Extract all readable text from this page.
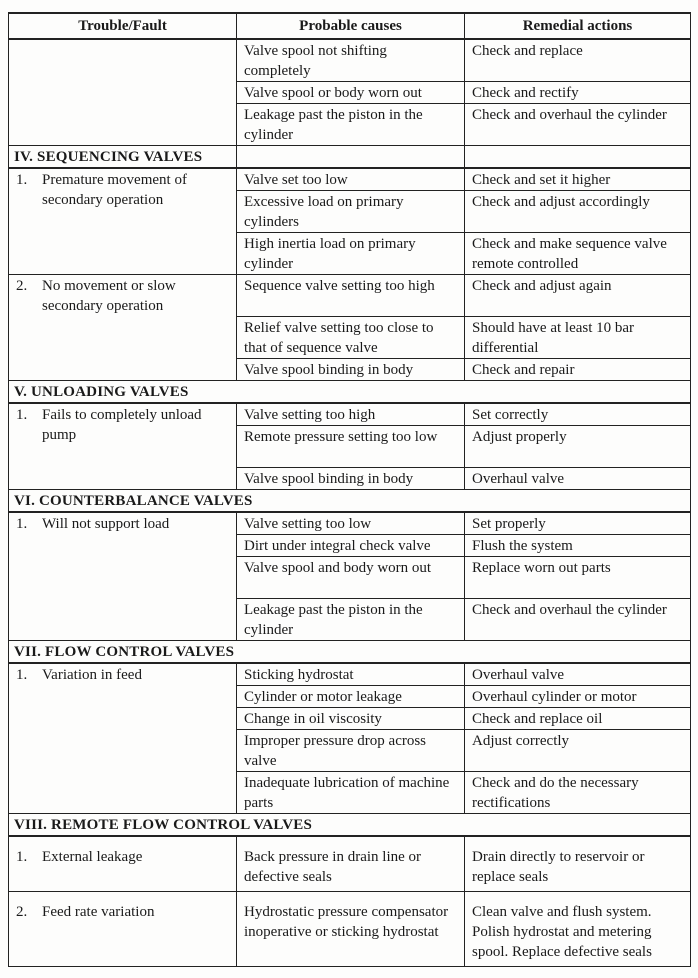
Trouble/Fault	Probable causes	Remedial actions
	Valve spool not shifting completely	Check and replace
	Valve spool or body worn out	Check and rectify
	Leakage past the piston in the cylinder	Check and overhaul the cylinder
IV. SEQUENCING VALVES		

1. Premature movement of secondary operation	Valve set too low	Check and set it higher
	Excessive load on primary cylinders	Check and adjust accordingly
	High inertia load on primary cylinder	Check and make sequence valve remote controlled

2. No movement or slow secondary operation	Sequence valve setting too high	Check and adjust again
	Relief valve setting too close to that of sequence valve	Should have at least 10 bar differential
	Valve spool binding in body	Check and repair
V. UNLOADING VALVES		

1. Fails to completely unload pump	Valve setting too high	Set correctly
	Remote pressure setting too low	Adjust properly
	Valve spool binding in body	Overhaul valve
VI. COUNTERBALANCE VALVES		

1. Will not support load	Valve setting too low	Set properly
	Dirt under integral check valve	Flush the system
	Valve spool and body worn out	Replace worn out parts
	Leakage past the piston in the cylinder	Check and overhaul the cylinder
VII. FLOW CONTROL VALVES		

1. Variation in feed	Sticking hydrostat	Overhaul valve
	Cylinder or motor leakage	Overhaul cylinder or motor
	Change in oil viscosity	Check and replace oil
	Improper pressure drop across valve	Adjust correctly
	Inadequate lubrication of machine parts	Check and do the necessary rectifications
VIII. REMOTE FLOW CONTROL VALVES		

1. External leakage	Back pressure in drain line or defective seals	Drain directly to reservoir or replace seals

2. Feed rate variation	Hydrostatic pressure compensator inoperative or sticking hydrostat	Clean valve and flush system. Polish hydrostat and metering spool. Replace defective seals
